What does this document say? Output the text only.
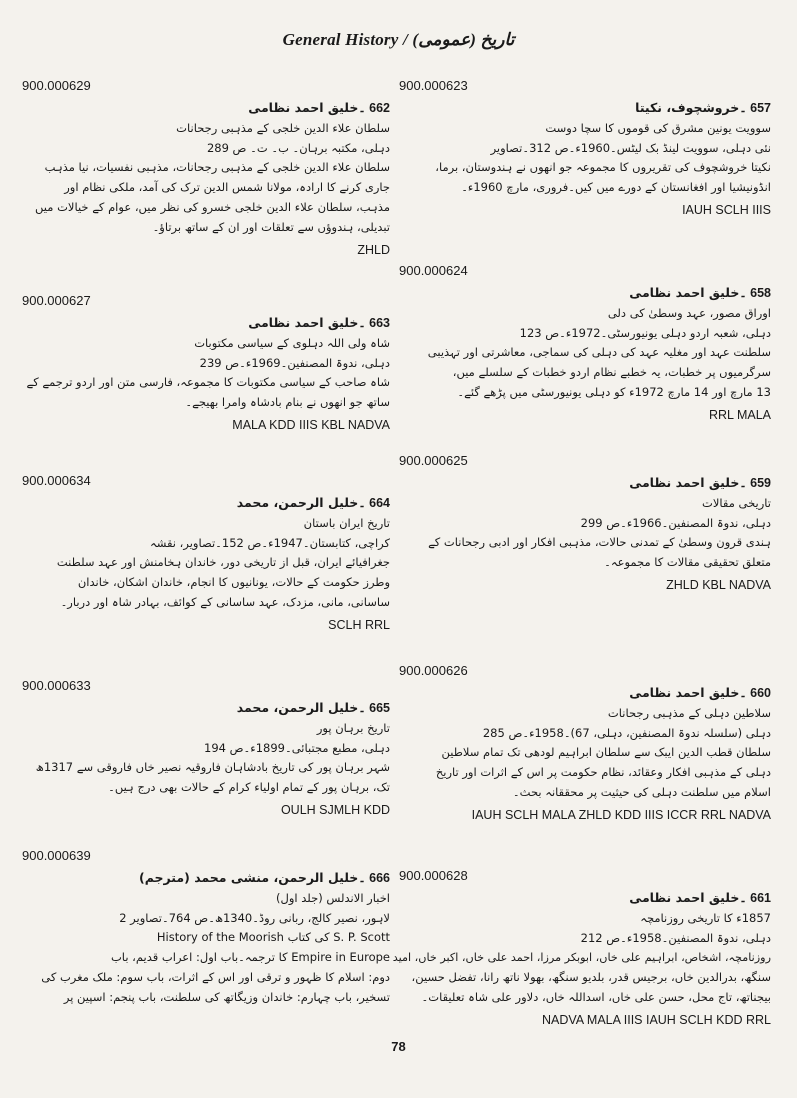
General History / (عمومی) تاریخ
900.000629
662۔ خلیق احمد نظامی
سلطان علاء الدین خلجی کے مذہبی رجحانات
دہلی، مکتبہ برہان۔ ب۔ ت۔ ص 289
سلطان علاء الدین خلجی کے مذہبی رجحانات، مذہبی نفسیات، نیا مذہب
جاری کرنے کا ارادہ، مولانا شمس الدین ترک کی آمد، ملکی نظام اور
مذہب، سلطان علاء الدین خلجی خسرو کی نظر میں، عوام کے خیالات میں
تبدیلی، ہندوؤں سے تعلقات اور ان کے ساتھ برتاؤ۔
ZHLD
900.000627
663۔ خلیق احمد نظامی
شاہ ولی اللہ دہلوی کے سیاسی مکتوبات
دہلی، ندوۃ المصنفین۔1969ء۔ص 239
شاہ صاحب کے سیاسی مکتوبات کا مجموعہ، فارسی متن اور اردو ترجمے کے
ساتھ جو انھوں نے بنام بادشاہ وامرا بھیجے۔
MALA KDD IIIS KBL NADVA
900.000634
664۔ خلیل الرحمن، محمد
تاریخ ایران باستان
کراچی، کتابستان۔1947ء۔ص 152۔تصاویر، نقشہ
جغرافیائے ایران، قبل از تاریخی دور، خاندان ہخامنش اور عہد سلطنت
وطرز حکومت کے حالات، یونانیوں کا انجام، خاندان اشکان، خاندان
ساسانی، مانی، مزدک، عہد ساسانی کے کوائف، بہادر شاہ اور دربار۔
SCLH RRL
900.000633
665۔ خلیل الرحمن، محمد
تاریخ برہان پور
دہلی، مطبع مجتبائی۔1899ء۔ص 194
شہر برہان پور کی تاریخ بادشاہان فاروقیہ نصیر خاں فاروقی سے 1317ھ
تک، برہان پور کے تمام اولیاء کرام کے حالات بھی درج ہیں۔
OULH SJMLH KDD
900.000639
666۔ خلیل الرحمن، منشی محمد (مترجم)
اخبار الاندلس (جلد اول)
لاہور، نصیر کالج، ربانی روڈ۔1340ھ۔ص 764۔تصاویر 2
S. P. Scott کی کتاب History of the Moorish
Empire in Europe کا ترجمہ۔باب اول: اعراب قدیم، باب
دوم: اسلام کا ظہور و ترقی اور اس کے اثرات، باب سوم: ملک مغرب کی
تسخیر، باب چہارم: خاندان وزیگاتھ کی سلطنت، باب پنجم: اسپین پر
900.000623
657۔ خروشچوف، نکیتا
سوویت یونین مشرق کی قوموں کا سچا دوست
نئی دہلی، سوویت لینڈ بک لیٹس۔1960ء۔ص 312۔تصاویر
نکیتا خروشچوف کی تقریروں کا مجموعہ جو انھوں نے ہندوستان، برما،
انڈونیشیا اور افغانستان کے دورے میں کیں۔فروری، مارچ 1960ء۔
IAUH SCLH IIIS
900.000624
658۔ خلیق احمد نظامی
اوراق مصور، عہد وسطیٰ کی دلی
دہلی، شعبہ اردو دہلی یونیورسٹی۔1972ء۔ص 123
سلطنت عہد اور مغلیہ عہد کی دہلی کی سماجی، معاشرتی اور تہذیبی
سرگرمیوں پر خطبات، یہ خطبے نظام اردو خطبات کے سلسلے میں،
13 مارچ اور 14 مارچ 1972ء کو دہلی یونیورسٹی میں پڑھے گئے۔
RRL MALA
900.000625
659۔ خلیق احمد نظامی
تاریخی مقالات
دہلی، ندوۃ المصنفین۔1966ء۔ص 299
ہندی قرون وسطیٰ کے تمدنی حالات، مذہبی افکار اور ادبی رجحانات کے
متعلق تحقیقی مقالات کا مجموعہ۔
ZHLD KBL NADVA
900.000626
660۔ خلیق احمد نظامی
سلاطین دہلی کے مذہبی رجحانات
دہلی (سلسلہ ندوۃ المصنفین، دہلی، 67)۔1958ء۔ص 285
سلطان قطب الدین ایبک سے سلطان ابراہیم لودھی تک تمام سلاطین
دہلی کے مذہبی افکار وعقائد، نظام حکومت پر اس کے اثرات اور تاریخ
اسلام میں سلطنت دہلی کی حیثیت پر محققانہ بحث۔
IAUH SCLH MALA ZHLD KDD IIIS ICCR RRL NADVA
900.000628
661۔ خلیق احمد نظامی
1857ء کا تاریخی روزنامچہ
دہلی، ندوۃ المصنفین۔1958ء۔ص 212
روزنامچہ، اشخاص، ابراہیم علی خاں، ابوبکر مرزا، احمد علی خاں، اکبر خاں، امید
سنگھ، بدرالدین خاں، برجیس قدر، بلدیو سنگھ، بھولا ناتھ رانا، تفضل حسین،
بیجناتھ، تاج محل، حسن علی خاں، اسداللہ خاں، دلاور علی شاہ تعلیقات۔
NADVA MALA IIIS IAUH SCLH KDD RRL
78
